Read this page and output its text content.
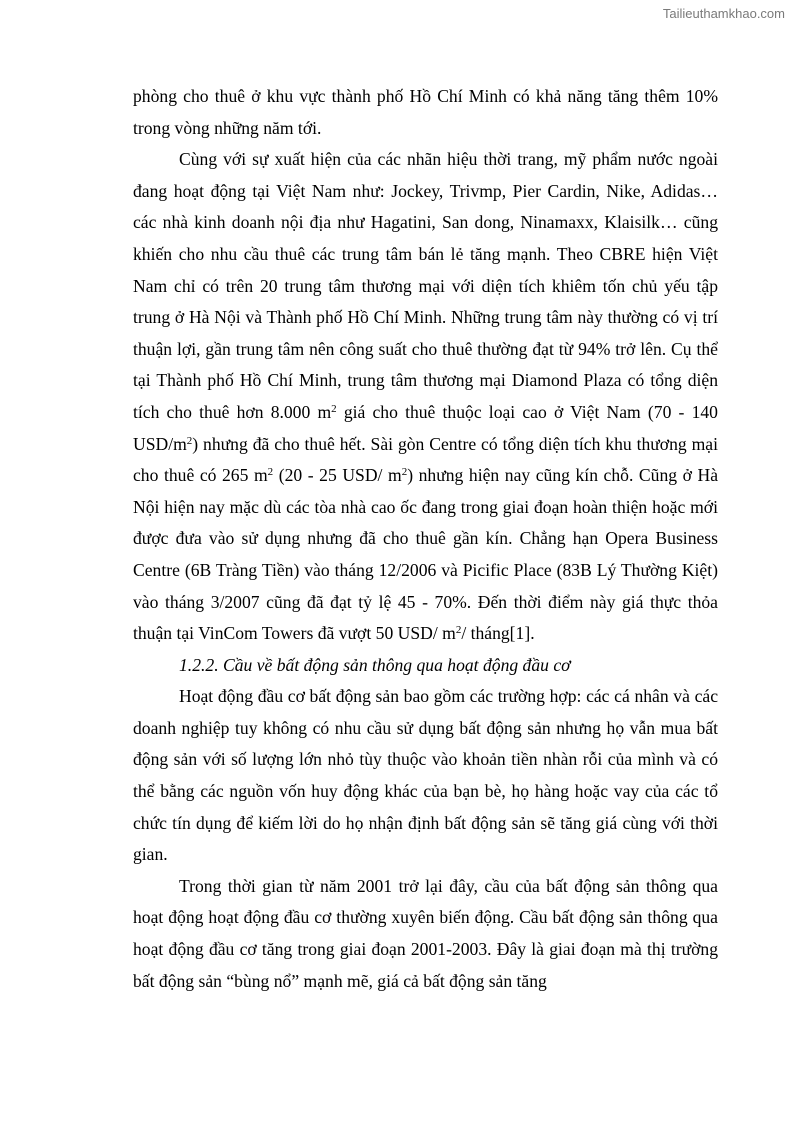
Tailieuthamkhao.com

phòng cho thuê ở khu vực thành phố Hồ Chí Minh có khả năng tăng thêm 10% trong vòng những năm tới.

Cùng với sự xuất hiện của các nhãn hiệu thời trang, mỹ phẩm nước ngoài đang hoạt động tại Việt Nam như: Jockey, Trivmp, Pier Cardin, Nike, Adidas… các nhà kinh doanh nội địa như Hagatini, San dong, Ninamaxx, Klaisilk… cũng khiến cho nhu cầu thuê các trung tâm bán lẻ tăng mạnh. Theo CBRE hiện Việt Nam chỉ có trên 20 trung tâm thương mại với diện tích khiêm tốn chủ yếu tập trung ở Hà Nội và Thành phố Hồ Chí Minh. Những trung tâm này thường có vị trí thuận lợi, gần trung tâm nên công suất cho thuê thường đạt từ 94% trở lên. Cụ thể tại Thành phố Hồ Chí Minh, trung tâm thương mại Diamond Plaza có tổng diện tích cho thuê hơn 8.000 $m^2$ giá cho thuê thuộc loại cao ở Việt Nam (70 - 140 USD/$m^2$) nhưng đã cho thuê hết. Sài gòn Centre có tổng diện tích khu thương mại cho thuê có 265 $m^2$ (20 - 25 USD/ $m^2$) nhưng hiện nay cũng kín chỗ. Cũng ở Hà Nội hiện nay mặc dù các tòa nhà cao ốc đang trong giai đoạn hoàn thiện hoặc mới được đưa vào sử dụng nhưng đã cho thuê gần kín. Chẳng hạn Opera Business Centre (6B Tràng Tiền) vào tháng 12/2006 và Picific Place (83B Lý Thường Kiệt) vào tháng 3/2007 cũng đã đạt tỷ lệ 45 - 70%. Đến thời điểm này giá thực thỏa thuận tại VinCom Towers đã vượt 50 USD/ $m^2/$ tháng[1].

1.2.2. Cầu về bất động sản thông qua hoạt động đầu cơ

Hoạt động đầu cơ bất động sản bao gồm các trường hợp: các cá nhân và các doanh nghiệp tuy không có nhu cầu sử dụng bất động sản nhưng họ vẫn mua bất động sản với số lượng lớn nhỏ tùy thuộc vào khoản tiền nhàn rỗi của mình và có thể bằng các nguồn vốn huy động khác của bạn bè, họ hàng hoặc vay của các tổ chức tín dụng để kiếm lời do họ nhận định bất động sản sẽ tăng giá cùng với thời gian.

Trong thời gian từ năm 2001 trở lại đây, cầu của bất động sản thông qua hoạt động hoạt động đầu cơ thường xuyên biến động. Cầu bất động sản thông qua hoạt động đầu cơ tăng trong giai đoạn 2001-2003. Đây là giai đoạn mà thị trường bất động sản “bùng nổ” mạnh mẽ, giá cả bất động sản tăng
